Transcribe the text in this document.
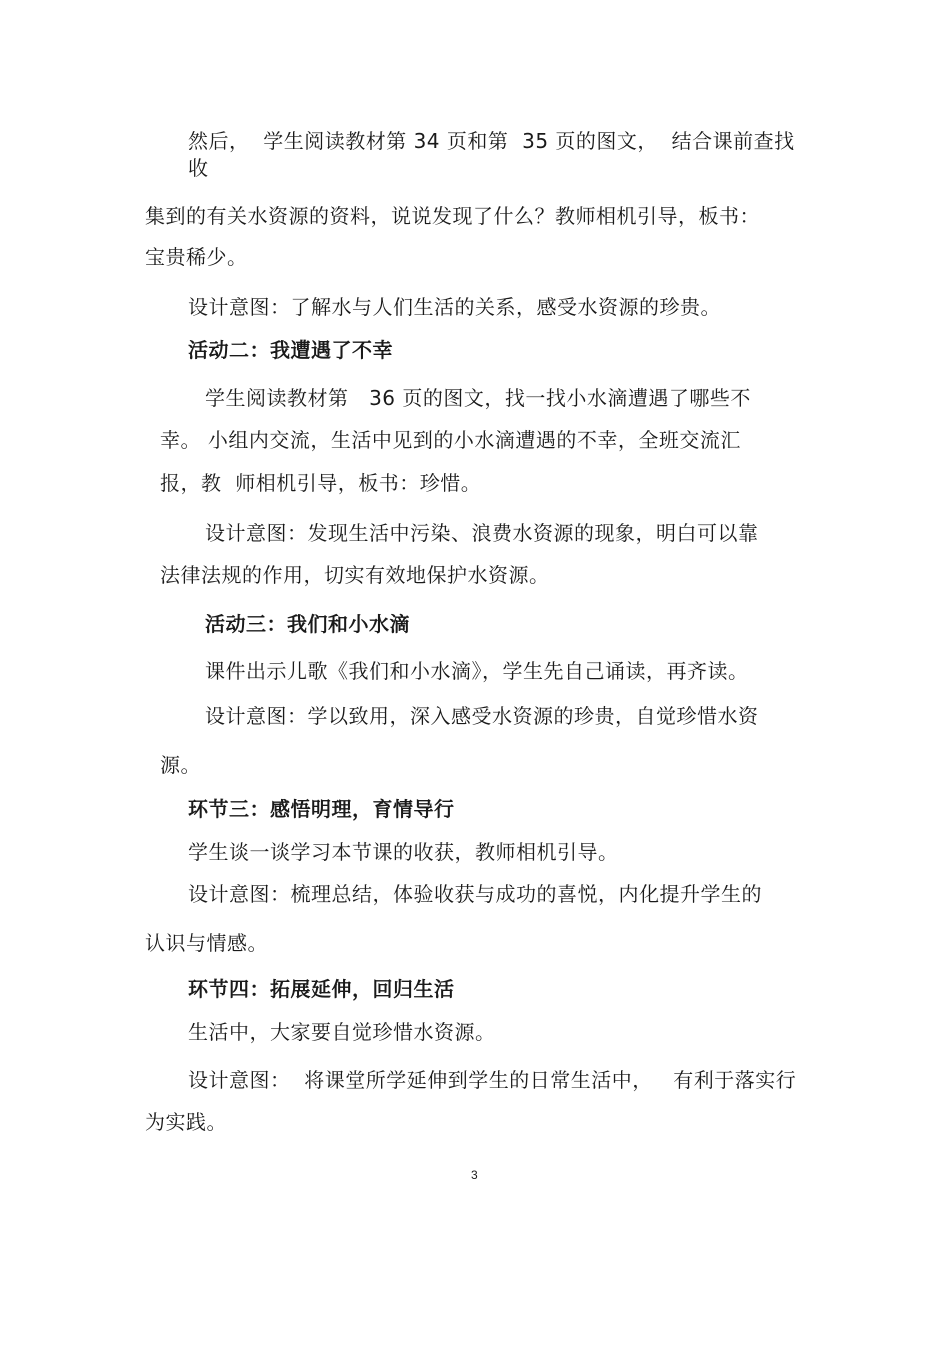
然后，  学生阅读教材第 34 页和第  35 页的图文，  结合课前查找
收
集到的有关水资源的资料，说说发现了什么？教师相机引导，板书：
宝贵稀少。
设计意图：了解水与人们生活的关系，感受水资源的珍贵。
活动二：我遭遇了不幸
学生阅读教材第   36 页的图文，找一找小水滴遭遇了哪些不
幸。 小组内交流，生活中见到的小水滴遭遇的不幸，全班交流汇
报，教  师相机引导，板书：珍惜。
设计意图：发现生活中污染、浪费水资源的现象，明白可以靠
法律法规的作用，切实有效地保护水资源。
活动三：我们和小水滴
课件出示儿歌《我们和小水滴》，学生先自己诵读，再齐读。
设计意图：学以致用，深入感受水资源的珍贵，自觉珍惜水资
源。
环节三：感悟明理，育情导行
学生谈一谈学习本节课的收获，教师相机引导。
设计意图：梳理总结，体验收获与成功的喜悦，内化提升学生的
认识与情感。
环节四：拓展延伸，回归生活
生活中，大家要自觉珍惜水资源。
设计意图：  将课堂所学延伸到学生的日常生活中，   有利于落实行
为实践。
3
